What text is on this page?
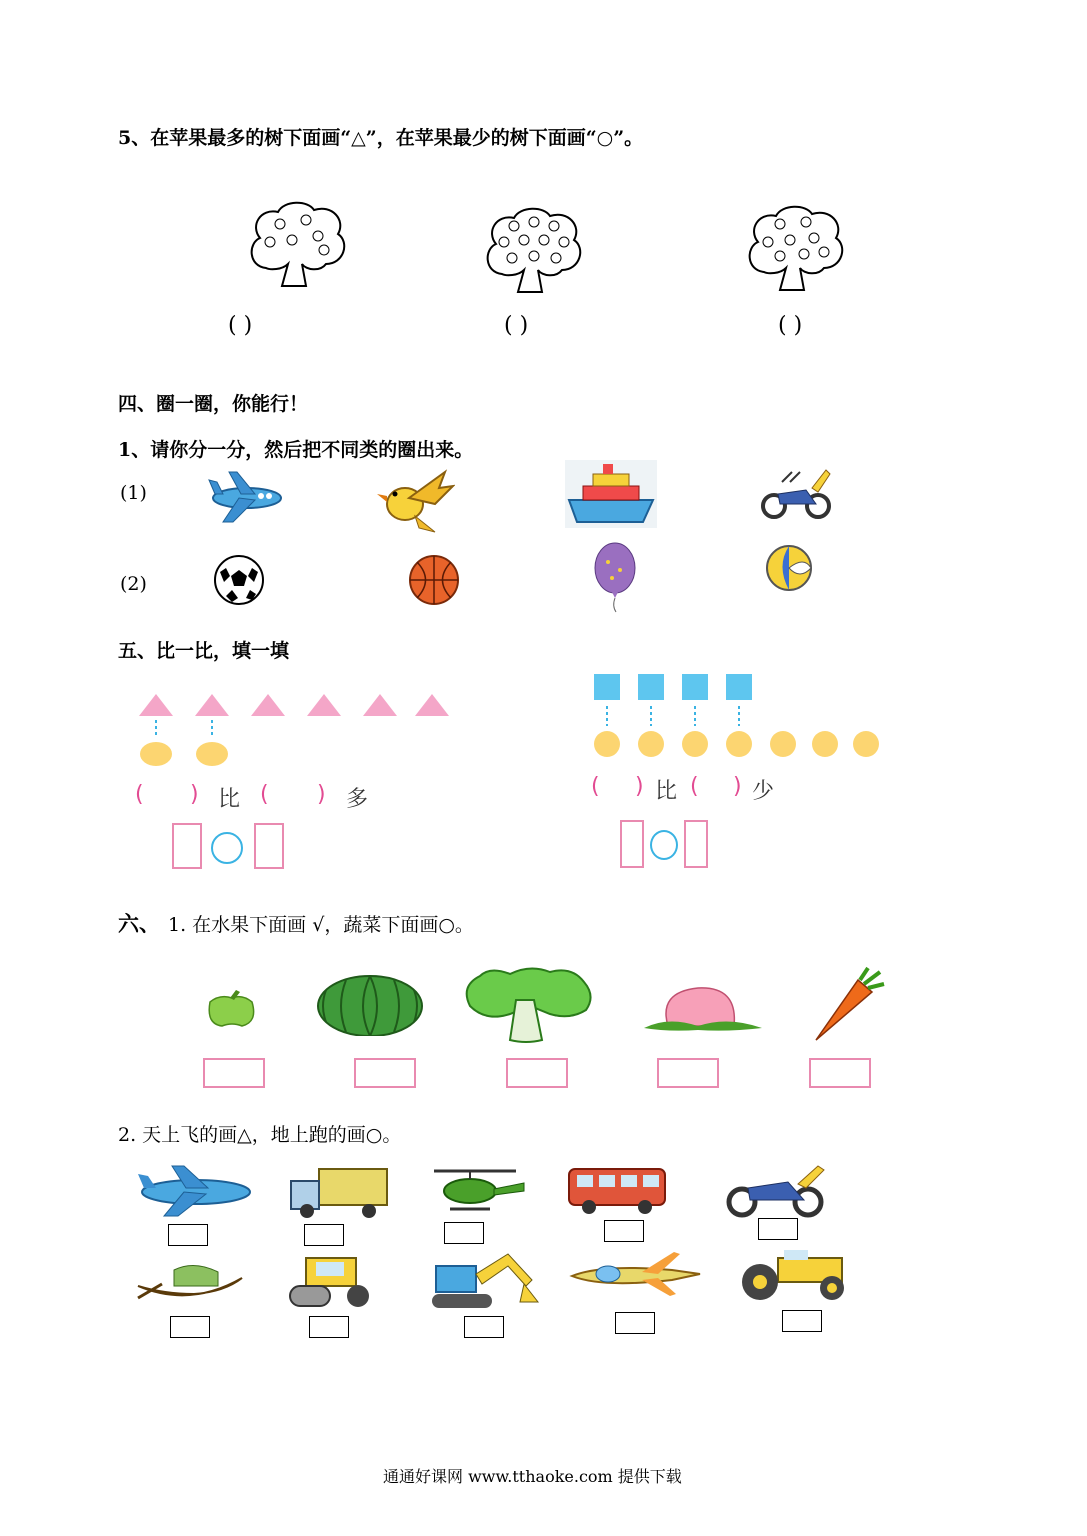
5、在苹果最多的树下面画“△”，在苹果最少的树下面画“○”。
( )	( )	( )
四、圈一圈，你能行！
1、请你分一分，然后把不同类的圈出来。
(1)
(2)
五、比一比，填一填
( ) 比 ( ) 多
( ) 比 ( ) 少
六、 1. 在水果下面画 √，蔬菜下面画○。
2. 天上飞的画△，地上跑的画○。
通通好课网 www.tthaoke.com 提供下载
